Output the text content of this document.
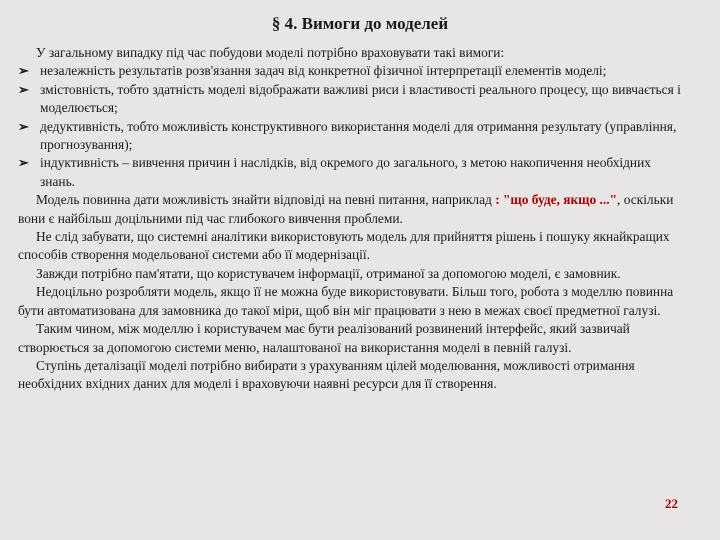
§ 4. Вимоги до моделей

У загальному випадку під час побудови моделі потрібно враховувати такі вимоги:

➢ незалежність результатів розв'язання задач від конкретної фізичної інтерпретації елементів моделі;
➢ змістовність, тобто здатність моделі відображати важливі риси і властивості реального процесу, що вивчається і моделюється;
➢ дедуктивність, тобто можливість конструктивного використання моделі для отримання результату (управління, прогнозування);
➢ індуктивність – вивчення причин і наслідків, від окремого до загального, з метою накопичення необхідних знань.

Модель повинна дати можливість знайти відповіді на певні питання, наприклад : "що буде, якщо ...", оскільки вони є найбільш доцільними під час глибокого вивчення проблеми.

Не слід забувати, що системні аналітики використовують модель для прийняття рішень і пошуку якнайкращих способів створення модельованої системи або її модернізації.

Завжди потрібно пам'ятати, що користувачем інформації, отриманої за допомогою моделі, є замовник.

Недоцільно розробляти модель, якщо її не можна буде використовувати. Більш того, робота з моделлю повинна бути автоматизована для замовника до такої міри, щоб він міг працювати з нею в межах своєї предметної галузі.

Таким чином, між моделлю і користувачем має бути реалізований розвинений інтерфейс, який зазвичай створюється за допомогою системи меню, налаштованої на використання моделі в певній галузі.

Ступінь деталізації моделі потрібно вибирати з урахуванням цілей моделювання, можливості отримання необхідних вхідних даних для моделі і враховуючи наявні ресурси для її створення.

22
